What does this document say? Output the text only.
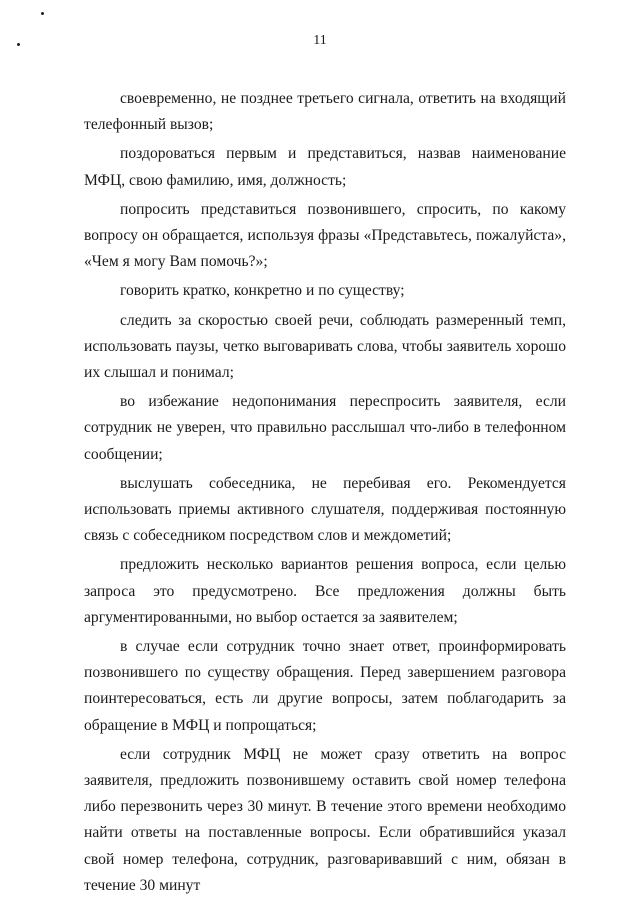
11

своевременно, не позднее третьего сигнала, ответить на входящий телефонный вызов;

поздороваться первым и представиться, назвав наименование МФЦ, свою фамилию, имя, должность;

попросить представиться позвонившего, спросить, по какому вопросу он обращается, используя фразы «Представьтесь, пожалуйста», «Чем я могу Вам помочь?»;

говорить кратко, конкретно и по существу;

следить за скоростью своей речи, соблюдать размеренный темп, использовать паузы, четко выговаривать слова, чтобы заявитель хорошо их слышал и понимал;

во избежание недопонимания переспросить заявителя, если сотрудник не уверен, что правильно расслышал что-либо в телефонном сообщении;

выслушать собеседника, не перебивая его. Рекомендуется использовать приемы активного слушателя, поддерживая постоянную связь с собеседником посредством слов и междометий;

предложить несколько вариантов решения вопроса, если целью запроса это предусмотрено. Все предложения должны быть аргументированными, но выбор остается за заявителем;

в случае если сотрудник точно знает ответ, проинформировать позвонившего по существу обращения. Перед завершением разговора поинтересоваться, есть ли другие вопросы, затем поблагодарить за обращение в МФЦ и попрощаться;

если сотрудник МФЦ не может сразу ответить на вопрос заявителя, предложить позвонившему оставить свой номер телефона либо перезвонить через 30 минут. В течение этого времени необходимо найти ответы на поставленные вопросы. Если обратившийся указал свой номер телефона, сотрудник, разговаривавший с ним, обязан в течение 30 минут
